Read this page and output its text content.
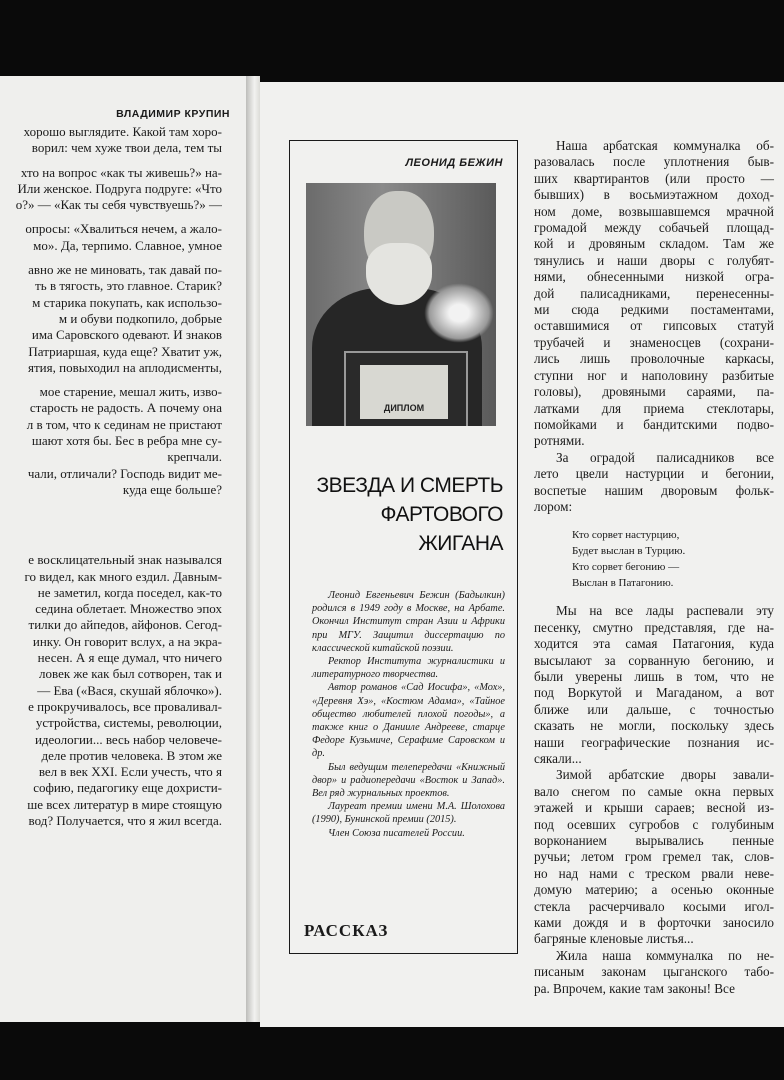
ВЛАДИМИР КРУПИН
хорошо выглядите. Какой там хоро-
ворил: чем хуже твои дела, тем ты
хто на вопрос «как ты живешь?» на-
Или женское. Подруга подруге: «Что
о?» — «Как ты себя чувствуешь?» —
опросы: «Хвалиться нечем, а жало-
мо». Да, терпимо. Славное, умное
авно же не миновать, так давай по-
ть в тягость, это главное. Старик?
м старика покупать, как использо-
м и обуви подкопило, добрые
има Саровского одевают. И знаков
Патриаршая, куда еще? Хватит уж,
ятия, повыходил на аплодисменты,
мое старение, мешал жить, изво-
старость не радость. А почему она
л в том, что к сединам не пристают
шают хотя бы. Бес в ребра мне су-
крепчали.
чали, отличали? Господь видит ме-
куда еще больше?
е восклицательный знак назывался
го видел, как много ездил. Давным-
не заметил, когда поседел, как-то
седина облетает. Множество эпох
тилки до айпедов, айфонов. Сегод-
инку. Он говорит вслух, а на экра-
несен. А я еще думал, что ничего
ловек же как был сотворен, так и
— Ева («Вася, скушай яблочко»).
е прокручивалось, все проваливал-
устройства, системы, революции,
идеологии... весь набор человече-
деле против человека. В этом же
вел в век XXI. Если учесть, что я
софию, педагогику еще дохристи-
ше всех литератур в мире стоящую
вод? Получается, что я жил всегда.
ЛЕОНИД БЕЖИН
ДИПЛОМ
ЗВЕЗДА И СМЕРТЬ
ФАРТОВОГО
ЖИГАНА

Леонид Евгеньевич Бежин (Бадылкин) родился в 1949 году в Москве, на Арбате. Окончил Институт стран Азии и Африки при МГУ. Защитил диссертацию по классической китайской поэзии.

Ректор Института журналистики и литературного творчества.

Автор романов «Сад Иосифа», «Мох», «Деревня Хэ», «Костюм Адама», «Тайное общество любителей плохой погоды», а также книг о Данииле Андрееве, старце Федоре Кузьмиче, Серафиме Саровском и др.

Был ведущим телепередачи «Книжный двор» и радиопередачи «Восток и Запад». Вел ряд журнальных проектов.

Лауреат премии имени М.А. Шолохова (1990), Бунинской премии (2015).

Член Союза писателей России.

РАССКАЗ
Наша арбатская коммуналка об-
разовалась после уплотнения быв-
ших квартирантов (или просто —
бывших) в восьмиэтажном доход-
ном доме, возвышавшемся мрачной
громадой между собачьей площад-
кой и дровяным складом. Там же
тянулись и наши дворы с голубят-
нями, обнесенными низкой огра-
дой палисадниками, перенесенны-
ми сюда редкими постаментами,
оставшимися от гипсовых статуй
трубачей и знаменосцев (сохрани-
лись лишь проволочные каркасы,
ступни ног и наполовину разбитые
головы), дровяными сараями, па-
латками для приема стеклотары,
помойками и бандитскими подво-
ротнями.
За оградой палисадников все
лето цвели настурции и бегонии,
воспетые нашим дворовым фольк-
лором:
Кто сорвет настурцию,
Будет выслан в Турцию.
Кто сорвет бегонию —
Выслан в Патагонию.
Мы на все лады распевали эту
песенку, смутно представляя, где на-
ходится эта самая Патагония, куда
высылают за сорванную бегонию, и
были уверены лишь в том, что не
под Воркутой и Магаданом, а вот
ближе или дальше, с точностью
сказать не могли, поскольку здесь
наши географические познания ис-
сякали...
Зимой арбатские дворы завали-
вало снегом по самые окна первых
этажей и крыши сараев; весной из-
под осевших сугробов с голубиным
ворконанием вырывались пенные
ручьи; летом гром гремел так, слов-
но над нами с треском рвали невe-
домую материю; а осенью оконные
стекла расчерчивало косыми игол-
ками дождя и в форточки заносило
багряные кленовые листья...
Жила наша коммуналка по не-
писаным законам цыганского табо-
ра. Впрочем, какие там законы! Все
